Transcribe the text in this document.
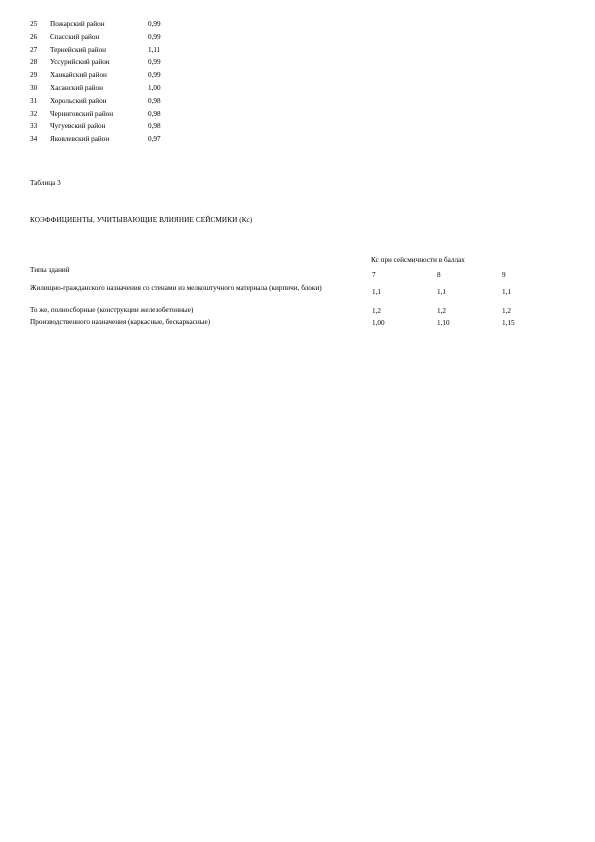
25	Пожарский район	0,99
26	Спасский район	0,99
27	Тернейский район	1,11
28	Уссурийский район	0,99
29	Ханкайский район	0,99
30	Хасанский район	1,00
31	Хорольский район	0,98
32	Черниговский район	0,98
33	Чугуевский район	0,98
34	Яковлевский район	0,97
Таблица 3
КОЭФФИЦИЕНТЫ, УЧИТЫВАЮЩИЕ ВЛИЯНИЕ СЕЙСМИКИ (Кс)
Типы зданий
Кс при сейсмичности в баллах
7	8	9
Жилищно-гражданского назначения со стенами из мелкоштучного материала (кирпичи, блоки)	1,1	1,1	1,1
То же, полносборные (конструкции железобетонные)	1,2	1,2	1,2
Производственного назначения (каркасные, бескаркасные)	1,00	1,10	1,15
